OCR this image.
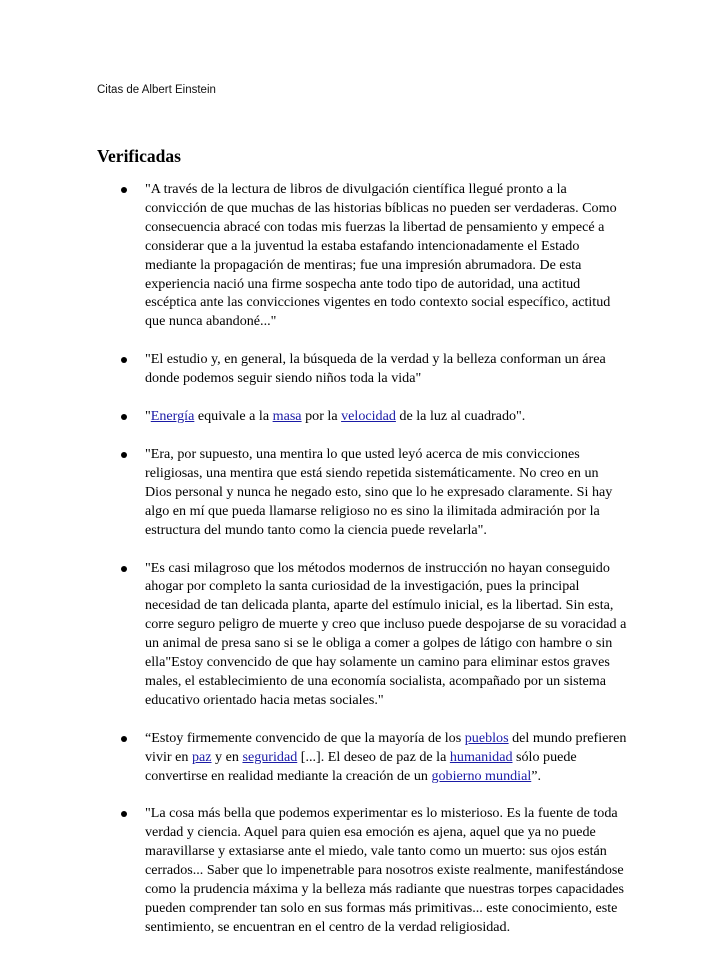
Citas de Albert Einstein
Verificadas
"A través de la lectura de libros de divulgación científica llegué pronto a la convicción de que muchas de las historias bíblicas no pueden ser verdaderas. Como consecuencia abracé con todas mis fuerzas la libertad de pensamiento y empecé a considerar que a la juventud la estaba estafando intencionadamente el Estado mediante la propagación de mentiras; fue una impresión abrumadora. De esta experiencia nació una firme sospecha ante todo tipo de autoridad, una actitud escéptica ante las convicciones vigentes en todo contexto social específico, actitud que nunca abandoné..."
"El estudio y, en general, la búsqueda de la verdad y la belleza conforman un área donde podemos seguir siendo niños toda la vida"
"Energía equivale a la masa por la velocidad de la luz al cuadrado".
"Era, por supuesto, una mentira lo que usted leyó acerca de mis convicciones religiosas, una mentira que está siendo repetida sistemáticamente. No creo en un Dios personal y nunca he negado esto, sino que lo he expresado claramente. Si hay algo en mí que pueda llamarse religioso no es sino la ilimitada admiración por la estructura del mundo tanto como la ciencia puede revelarla".
"Es casi milagroso que los métodos modernos de instrucción no hayan conseguido ahogar por completo la santa curiosidad de la investigación, pues la principal necesidad de tan delicada planta, aparte del estímulo inicial, es la libertad. Sin esta, corre seguro peligro de muerte y creo que incluso puede despojarse de su voracidad a un animal de presa sano si se le obliga a comer a golpes de látigo con hambre o sin ella"Estoy convencido de que hay solamente un camino para eliminar estos graves males, el establecimiento de una economía socialista, acompañado por un sistema educativo orientado hacia metas sociales."
“Estoy firmemente convencido de que la mayoría de los pueblos del mundo prefieren vivir en paz y en seguridad [...]. El deseo de paz de la humanidad sólo puede convertirse en realidad mediante la creación de un gobierno mundial”.
"La cosa más bella que podemos experimentar es lo misterioso. Es la fuente de toda verdad y ciencia. Aquel para quien esa emoción es ajena, aquel que ya no puede maravillarse y extasiarse ante el miedo, vale tanto como un muerto: sus ojos están cerrados... Saber que lo impenetrable para nosotros existe realmente, manifestándose como la prudencia máxima y la belleza más radiante que nuestras torpes capacidades pueden comprender tan solo en sus formas más primitivas... este conocimiento, este sentimiento, se encuentran en el centro de la verdad religiosidad.
